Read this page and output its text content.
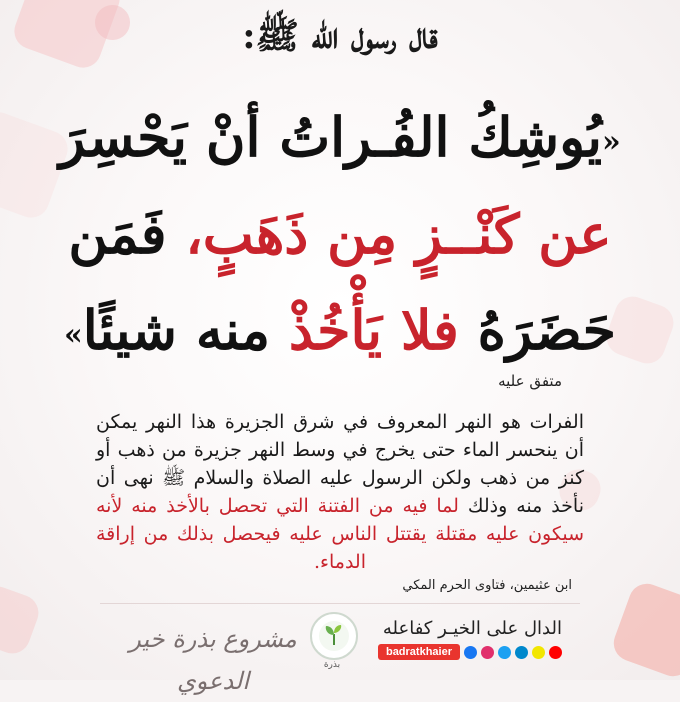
قال رسول الله ﷺ:
«يُوشِكُ الفُـراتُ أنْ يَحْسِرَ
عن كَنْــزٍ مِن ذَهَبٍ، فَمَن
حَضَرَهُ فلا يَأْخُذْ منه شيئًا»
متفق عليه
الفرات هو النهر المعروف في شرق الجزيرة هذا النهر يمكن أن ينحسر الماء حتى يخرج في وسط النهر جزيرة من ذهب أو كنز من ذهب ولكن الرسول عليه الصلاة والسلام ﷺ نهى أن نأخذ منه وذلك لما فيه من الفتنة التي تحصل بالأخذ منه لأنه سيكون عليه مقتلة يقتتل الناس عليه فيحصل بذلك من إراقة الدماء.
ابن عثيمين، فتاوى الحرم المكي
مشروع بذرة خير الدعوي
بذرة
الدال على الخيـر كفاعله
badratkhaier
